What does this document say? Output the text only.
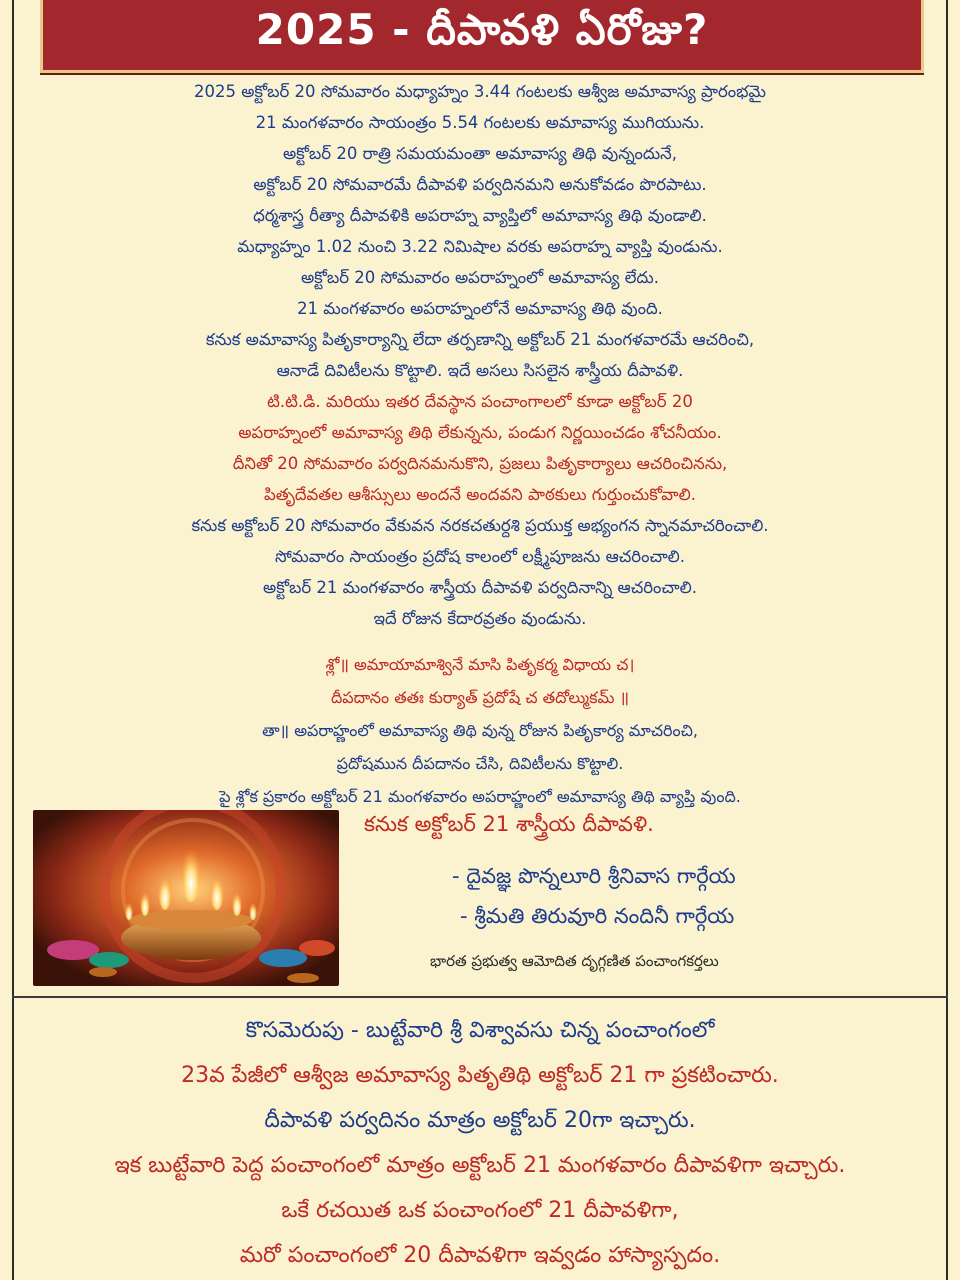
2025 - దీపావళి ఏరోజు?
2025 అక్టోబర్ 20 సోమవారం మధ్యాహ్నం 3.44 గంటలకు ఆశ్వీజ అమావాస్య ప్రారంభమై
21 మంగళవారం సాయంత్రం 5.54 గంటలకు అమావాస్య ముగియును.
అక్టోబర్ 20 రాత్రి సమయమంతా అమావాస్య తిథి వున్నందునే,
అక్టోబర్ 20 సోమవారమే దీపావళి పర్వదినమని అనుకోవడం పొరపాటు.
ధర్మశాస్త్ర రీత్యా దీపావళికి అపరాహ్న వ్యాప్తిలో అమావాస్య తిథి వుండాలి.
మధ్యాహ్నం 1.02 నుంచి 3.22 నిమిషాల వరకు అపరాహ్న వ్యాప్తి వుండును.
అక్టోబర్ 20 సోమవారం అపరాహ్నంలో అమావాస్య లేదు.
21 మంగళవారం అపరాహ్నంలోనే అమావాస్య తిథి వుంది.
కనుక అమావాస్య పితృకార్యాన్ని లేదా తర్పణాన్ని అక్టోబర్ 21 మంగళవారమే ఆచరించి,
ఆనాడే దివిటీలను కొట్టాలి. ఇదే అసలు సిసలైన శాస్త్రీయ దీపావళి.
టి.టి.డి. మరియు ఇతర దేవస్థాన పంచాంగాలలో కూడా అక్టోబర్ 20
అపరాహ్నంలో అమావాస్య తిథి లేకున్నను, పండుగ నిర్ణయించడం శోచనీయం.
దీనితో 20 సోమవారం పర్వదినమనుకొని, ప్రజలు పితృకార్యాలు ఆచరించినను,
పితృదేవతల ఆశీస్సులు అందనే అందవని పాఠకులు గుర్తుంచుకోవాలి.
కనుక అక్టోబర్ 20 సోమవారం వేకువన నరకచతుర్దశి ప్రయుక్త అభ్యంగన స్నానమాచరించాలి.
సోమవారం సాయంత్రం ప్రదోష కాలంలో లక్ష్మీపూజను ఆచరించాలి.
అక్టోబర్ 21 మంగళవారం శాస్త్రీయ దీపావళి పర్వదినాన్ని ఆచరించాలి.
ఇదే రోజున కేదారవ్రతం వుండును.
శ్లో॥ అమాయామాశ్వినే మాసి పితృకర్మ విధాయ చ।
దీపదానం తతః కుర్యాత్ ప్రదోషే చ తదోల్ముకమ్ ॥
తా॥ అపరాహ్ణంలో అమావాస్య తిథి వున్న రోజున పితృకార్య మాచరించి,
ప్రదోషమున దీపదానం చేసి, దివిటీలను కొట్టాలి.
పై శ్లోక ప్రకారం అక్టోబర్ 21 మంగళవారం అపరాహ్ణంలో అమావాస్య తిథి వ్యాప్తి వుంది.
కనుక అక్టోబర్ 21 శాస్త్రీయ దీపావళి.
- దైవజ్ఞ పొన్నలూరి శ్రీనివాస గార్గేయ
- శ్రీమతి తిరువూరి నందినీ గార్గేయ
భారత ప్రభుత్వ ఆమోదిత దృగ్గణిత పంచాంగకర్తలు
కొసమెరుపు - బుట్టేవారి శ్రీ విశ్వావసు చిన్న పంచాంగంలో
23వ పేజీలో ఆశ్వీజ అమావాస్య పితృతిథి అక్టోబర్ 21 గా ప్రకటించారు.
దీపావళి పర్వదినం మాత్రం అక్టోబర్ 20గా ఇచ్చారు.
ఇక బుట్టేవారి పెద్ద పంచాంగంలో మాత్రం అక్టోబర్ 21 మంగళవారం దీపావళిగా ఇచ్చారు.
ఒకే రచయిత ఒక పంచాంగంలో 21 దీపావళిగా,
మరో పంచాంగంలో 20 దీపావళిగా ఇవ్వడం హాస్యాస్పదం.
